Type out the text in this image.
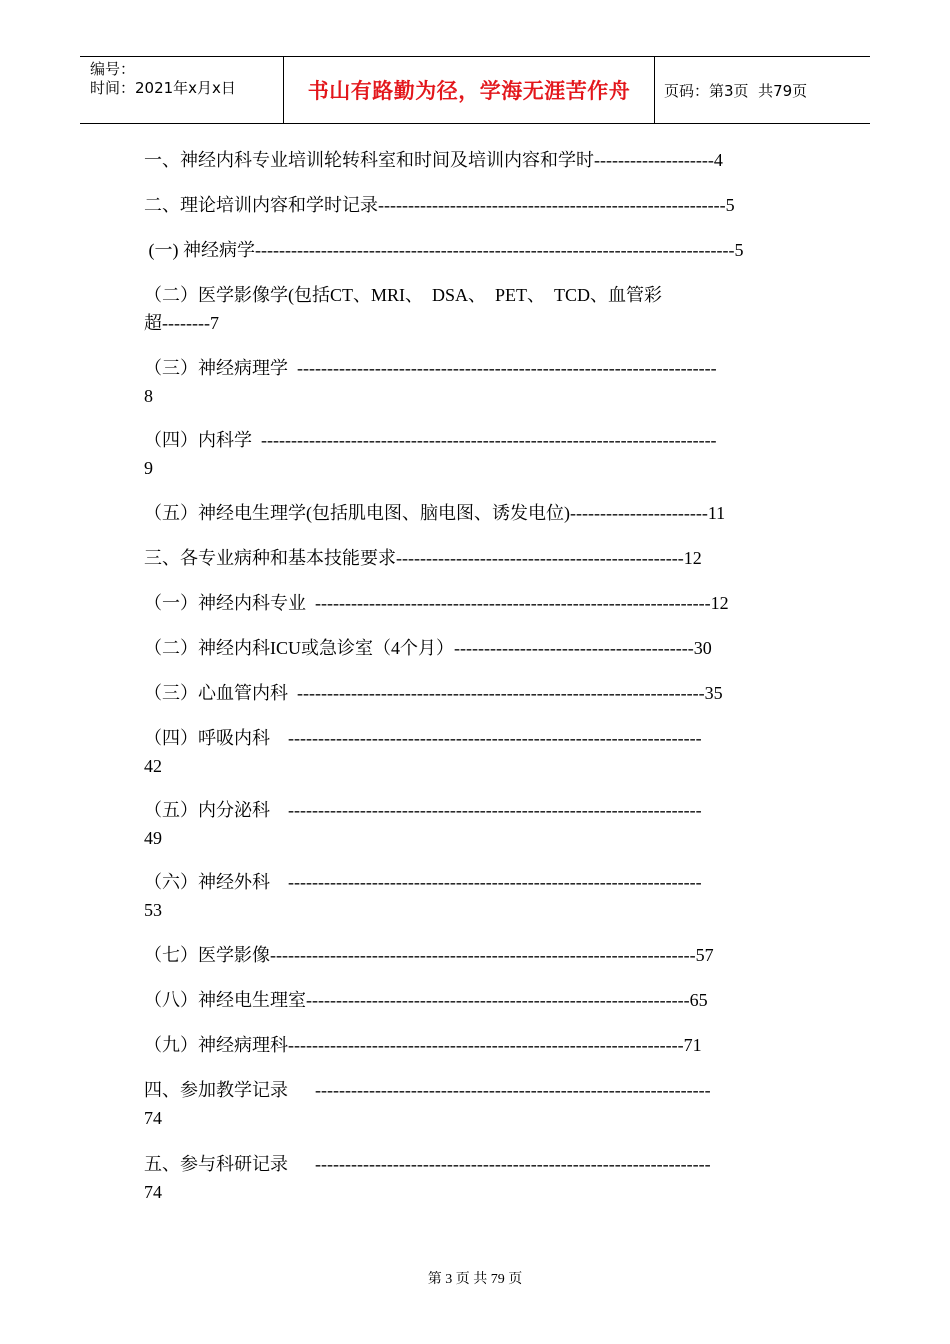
编号：
时间：2021年x月x日	书山有路勤为径，学海无涯苦作舟	页码：第3页  共79页
一、神经内科专业培训轮转科室和时间及培训内容和学时--------------------4
二、理论培训内容和学时记录----------------------------------------------------------5
(一) 神经病学--------------------------------------------------------------------------------5
（二）医学影像学(包括CT、MRI、  DSA、  PET、  TCD、血管彩
超--------7
（三）神经病理学  ----------------------------------------------------------------------
8
（四）内科学  ----------------------------------------------------------------------------
9
（五）神经电生理学(包括肌电图、脑电图、诱发电位)-----------------------11
三、各专业病种和基本技能要求------------------------------------------------12
（一）神经内科专业  ------------------------------------------------------------------12
（二）神经内科ICU或急诊室（4个月）----------------------------------------30
（三）心血管内科  --------------------------------------------------------------------35
（四）呼吸内科    ---------------------------------------------------------------------
42
（五）内分泌科    ---------------------------------------------------------------------
49
（六）神经外科    ---------------------------------------------------------------------
53
（七）医学影像-----------------------------------------------------------------------57
（八）神经电生理室----------------------------------------------------------------65
（九）神经病理科------------------------------------------------------------------71
四、参加教学记录      ------------------------------------------------------------------
74
五、参与科研记录      ------------------------------------------------------------------
74
第 3 页 共 79 页
